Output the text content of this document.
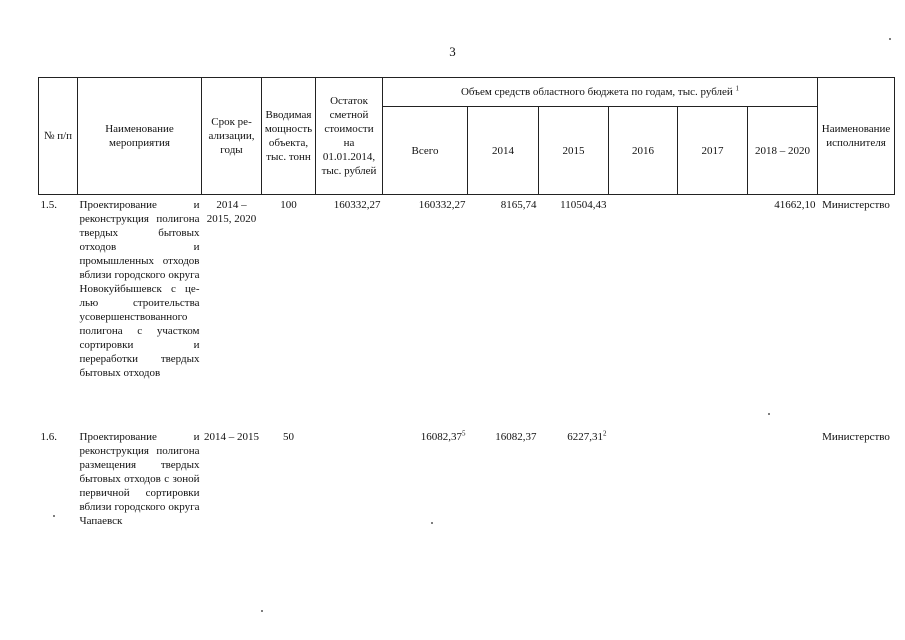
3
№ п/п	Наименование мероприятия	Срок реализации, годы	Вводимая мощность объекта, тыс. тонн	Остаток сметной стоимости на 01.01.2014, тыс. рублей	Объем средств областного бюджета по годам, тыс. рублей $^1$						Наименование исполнителя
					Всего	2014	2015	2016	2017	2018 – 2020	
1.5.	Проектирование и реконструкция полигона твердых бытовых отходов и промышленных отходов вблизи городского округа Новокуйбышевск с целью строительства усовершенствованного полигона с участком сортировки и переработки твердых бытовых отходов	2014 – 2015, 2020	100	160332,27	160332,27	8165,74	110504,43			41662,10	Министерство
1.6.	Проектирование и реконструкция полигона размещения твердых бытовых отходов с зоной первичной сортировки вблизи городского округа Чапаевск	2014 – 2015	50		16082,37$^5$	16082,37	6227,31$^2$				Министерство
